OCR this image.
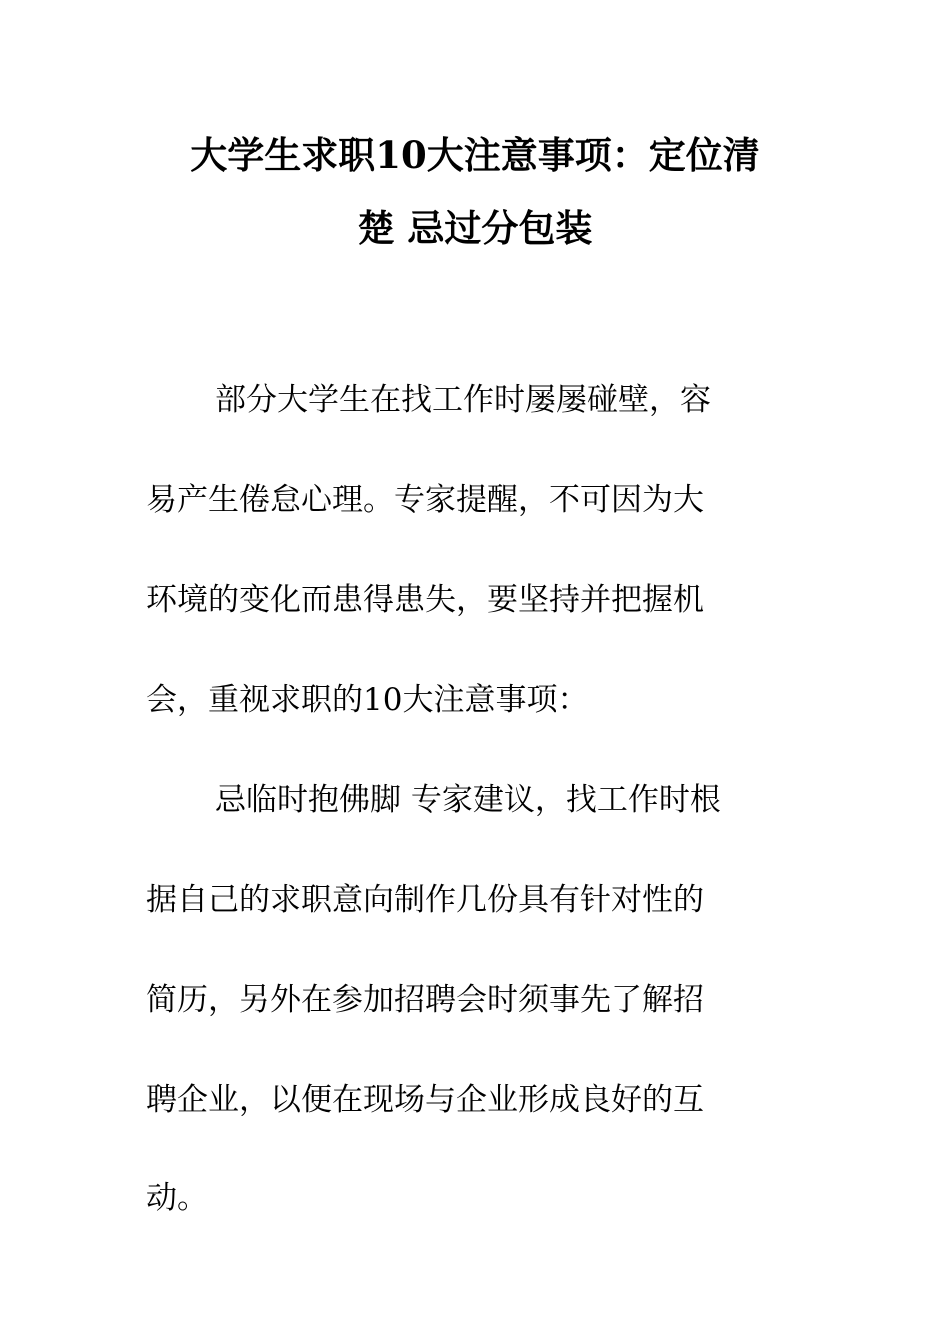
大学生求职10大注意事项：定位清
楚 忌过分包装

部分大学生在找工作时屡屡碰壁，容

易产生倦怠心理。专家提醒，不可因为大

环境的变化而患得患失，要坚持并把握机

会，重视求职的10大注意事项：

忌临时抱佛脚 专家建议，找工作时根

据自己的求职意向制作几份具有针对性的

简历，另外在参加招聘会时须事先了解招

聘企业，以便在现场与企业形成良好的互

动。
